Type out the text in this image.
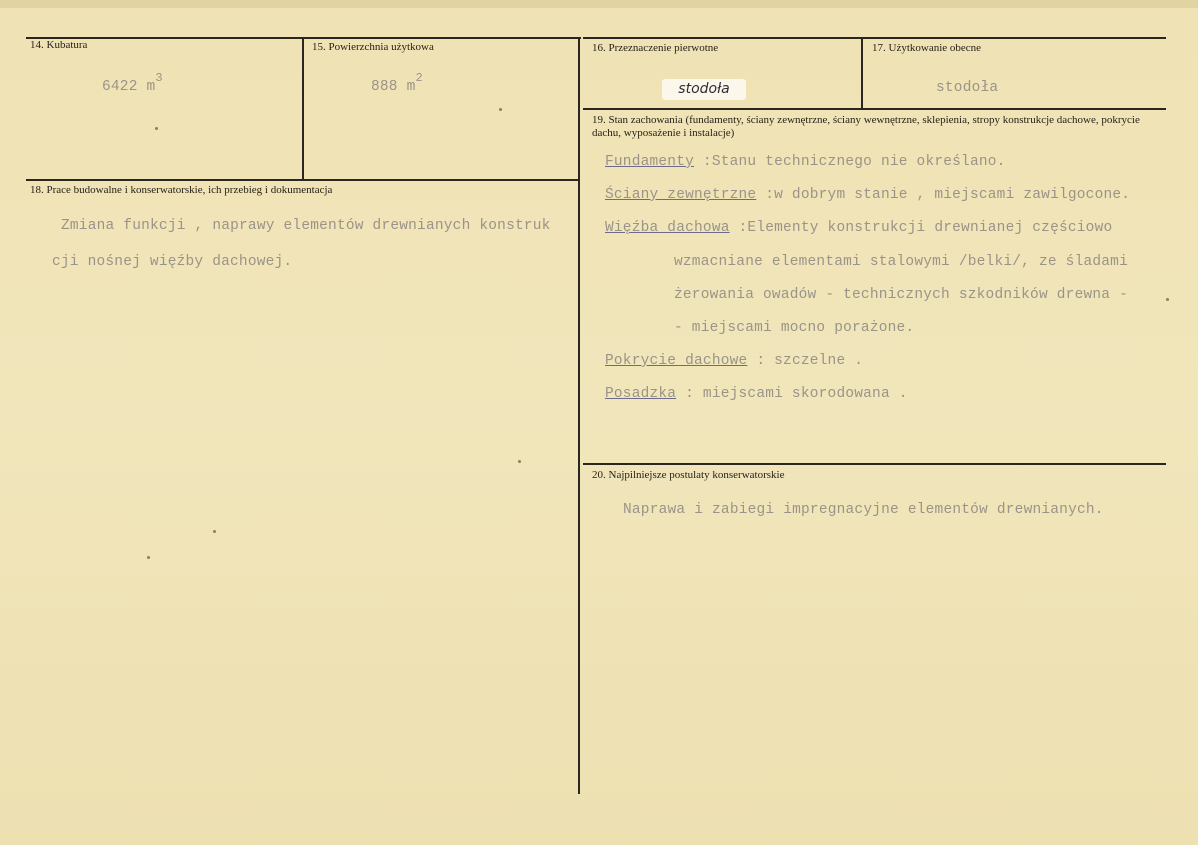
14. Kubatura
6422 $m^3$
15. Powierzchnia użytkowa
888 $m^2$
16. Przeznaczenie pierwotne
stodoła
17. Użytkowanie obecne
stodoła
18. Prace budowalne i konserwatorskie, ich przebieg i dokumentacja
Zmiana funkcji , naprawy elementów drewnianych konstruk
cji nośnej więźby dachowej.
19. Stan zachowania (fundamenty, ściany zewnętrzne, ściany wewnętrzne, sklepienia, stropy konstrukcje dachowe, pokrycie dachu, wyposażenie i instalacje)
Fundamenty :Stanu technicznego nie określano.
Ściany zewnętrzne :w dobrym stanie , miejscami zawilgocone.
Więźba dachowa :Elementy konstrukcji drewnianej częściowo
wzmacniane elementami stalowymi /belki/, ze śladami
żerowania owadów - technicznych szkodników drewna -
- miejscami mocno porażone.
Pokrycie dachowe : szczelne .
Posadzka : miejscami skorodowana .
20. Najpilniejsze postulaty konserwatorskie
Naprawa i zabiegi impregnacyjne elementów drewnianych.
